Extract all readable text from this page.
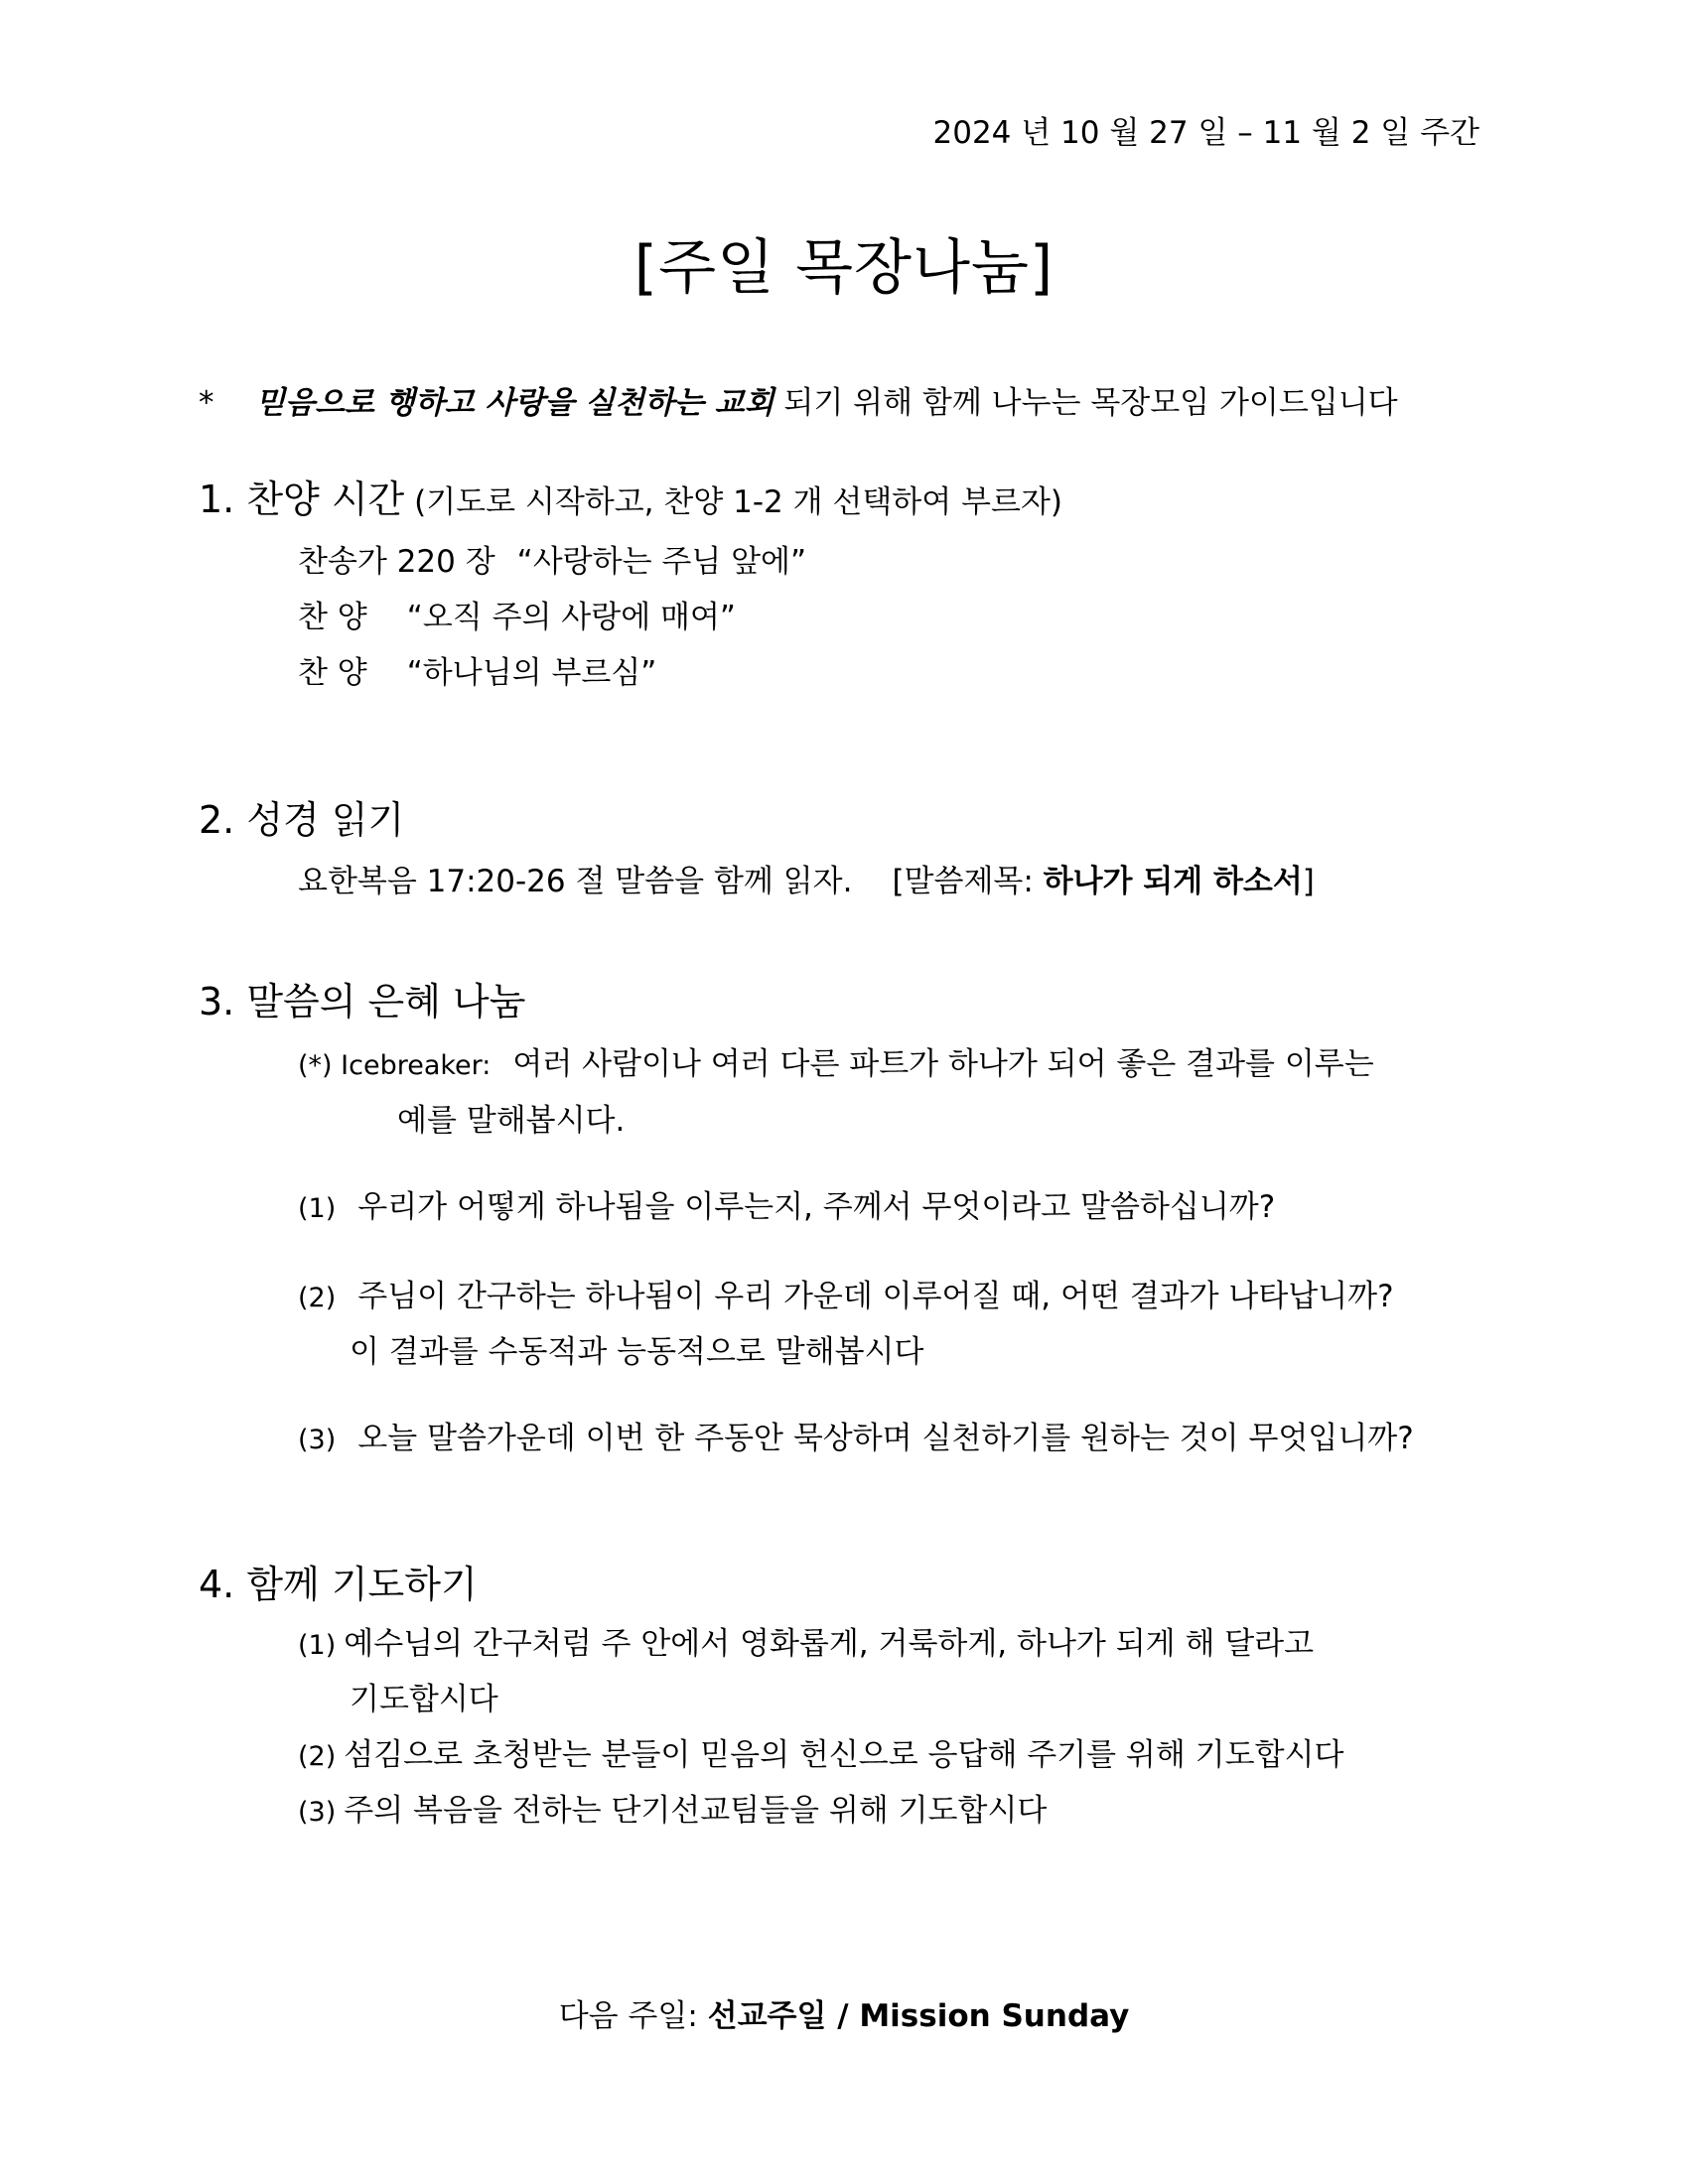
2024 년 10 월 27 일 – 11 월 2 일 주간
[주일 목장나눔]
* 믿음으로 행하고 사랑을 실천하는 교회 되기 위해 함께 나누는 목장모임 가이드입니다
1. 찬양 시간 (기도로 시작하고, 찬양 1-2 개 선택하여 부르자)
찬송가 220 장 “사랑하는 주님 앞에”
찬 양 “오직 주의 사랑에 매여”
찬 양 “하나님의 부르심”
2. 성경 읽기
요한복음 17:20-26 절 말씀을 함께 읽자. [말씀제목: 하나가 되게 하소서]
3. 말씀의 은혜 나눔
(*) Icebreaker: 여러 사람이나 여러 다른 파트가 하나가 되어 좋은 결과를 이루는
예를 말해봅시다.
(1) 우리가 어떻게 하나됨을 이루는지, 주께서 무엇이라고 말씀하십니까?
(2) 주님이 간구하는 하나됨이 우리 가운데 이루어질 때, 어떤 결과가 나타납니까?
이 결과를 수동적과 능동적으로 말해봅시다
(3) 오늘 말씀가운데 이번 한 주동안 묵상하며 실천하기를 원하는 것이 무엇입니까?
4. 함께 기도하기
(1) 예수님의 간구처럼 주 안에서 영화롭게, 거룩하게, 하나가 되게 해 달라고
기도합시다
(2) 섬김으로 초청받는 분들이 믿음의 헌신으로 응답해 주기를 위해 기도합시다
(3) 주의 복음을 전하는 단기선교팀들을 위해 기도합시다
다음 주일: 선교주일 / Mission Sunday
